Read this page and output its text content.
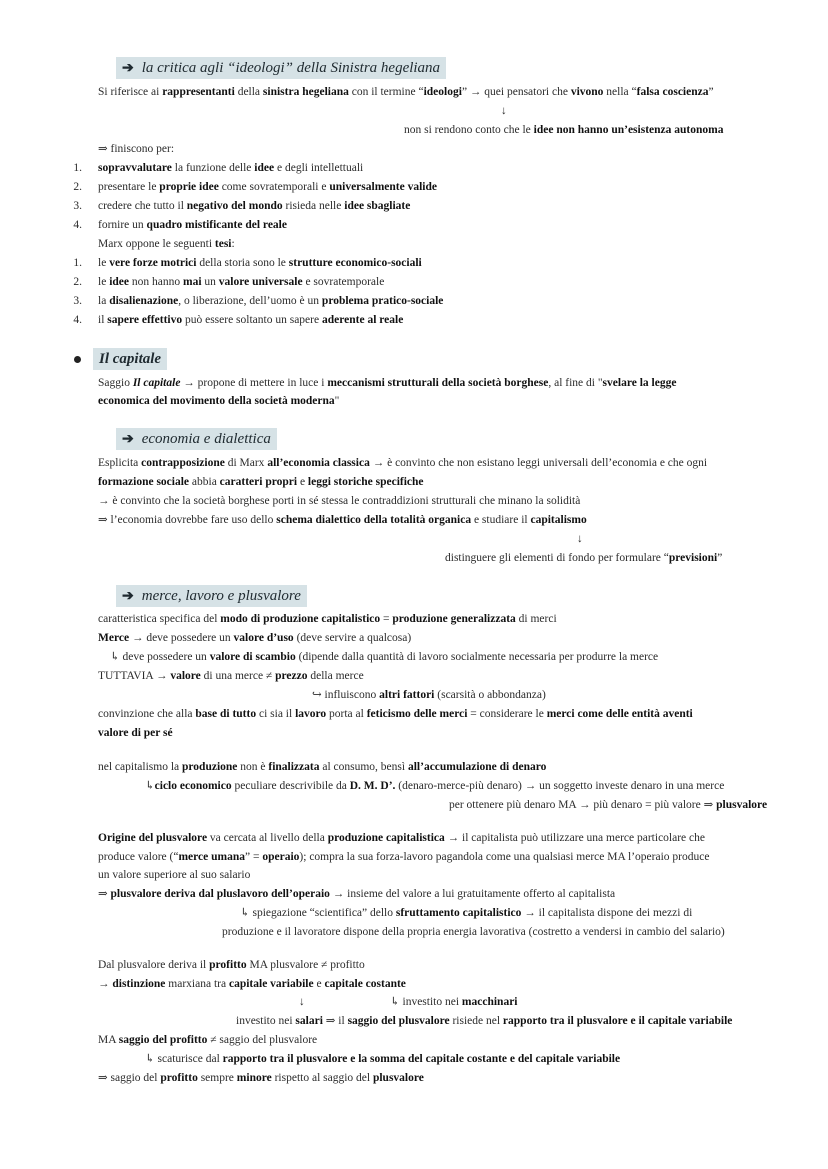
➔ la critica agli “ideologi” della Sinistra hegeliana
Si riferisce ai rappresentanti della sinistra hegeliana con il termine “ideologi” → quei pensatori che vivono nella “falsa coscienza”
↓
non si rendono conto che le idee non hanno un’esistenza autonoma
⇒ finiscono per:
1. sopravvalutare la funzione delle idee e degli intellettuali
2. presentare le proprie idee come sovratemporali e universalmente valide
3. credere che tutto il negativo del mondo risieda nelle idee sbagliate
4. fornire un quadro mistificante del reale
Marx oppone le seguenti tesi:
1. le vere forze motrici della storia sono le strutture economico-sociali
2. le idee non hanno mai un valore universale e sovratemporale
3. la disalienazione, o liberazione, dell’uomo è un problema pratico-sociale
4. il sapere effettivo può essere soltanto un sapere aderente al reale
Il capitale
Saggio Il capitale → propone di mettere in luce i meccanismi strutturali della società borghese, al fine di "svelare la legge
economica del movimento della società moderna"
➔ economia e dialettica
Esplicita contrapposizione di Marx all’economia classica → è convinto che non esistano leggi universali dell’economia e che ogni
formazione sociale abbia caratteri propri e leggi storiche specifiche
→ è convinto che la società borghese porti in sé stessa le contraddizioni strutturali che minano la solidità
⇒ l’economia dovrebbe fare uso dello schema dialettico della totalità organica e studiare il capitalismo
↓
distinguere gli elementi di fondo per formulare “previsioni”
➔ merce, lavoro e plusvalore
caratteristica specifica del modo di produzione capitalistico = produzione generalizzata di merci
Merce → deve possedere un valore d’uso (deve servire a qualcosa)
↳ deve possedere un valore di scambio (dipende dalla quantità di lavoro socialmente necessaria per produrre la merce
TUTTAVIA → valore di una merce ≠ prezzo della merce
↪ influiscono altri fattori (scarsità o abbondanza)
convinzione che alla base di tutto ci sia il lavoro porta al feticismo delle merci = considerare le merci come delle entità aventi
valore di per sé
nel capitalismo la produzione non è finalizzata al consumo, bensì all’accumulazione di denaro
↳ciclo economico peculiare descrivibile da D. M. D’. (denaro-merce-più denaro) → un soggetto investe denaro in una merce
per ottenere più denaro MA → più denaro = più valore ⇒ plusvalore
Origine del plusvalore va cercata al livello della produzione capitalistica → il capitalista può utilizzare una merce particolare che
produce valore (“merce umana” = operaio); compra la sua forza-lavoro pagandola come una qualsiasi merce MA l’operaio produce
un valore superiore al suo salario
⇒ plusvalore deriva dal pluslavoro dell’operaio → insieme del valore a lui gratuitamente offerto al capitalista
↳ spiegazione “scientifica” dello sfruttamento capitalistico → il capitalista dispone dei mezzi di
produzione e il lavoratore dispone della propria energia lavorativa (costretto a vendersi in cambio del salario)
Dal plusvalore deriva il profitto MA plusvalore ≠ profitto
→ distinzione marxiana tra capitale variabile e capitale costante
↓	↳ investito nei macchinari
investito nei salari ⇒ il saggio del plusvalore risiede nel rapporto tra il plusvalore e il capitale variabile
MA saggio del profitto ≠ saggio del plusvalore
↳ scaturisce dal rapporto tra il plusvalore e la somma del capitale costante e del capitale variabile
⇒ saggio del profitto sempre minore rispetto al saggio del plusvalore
